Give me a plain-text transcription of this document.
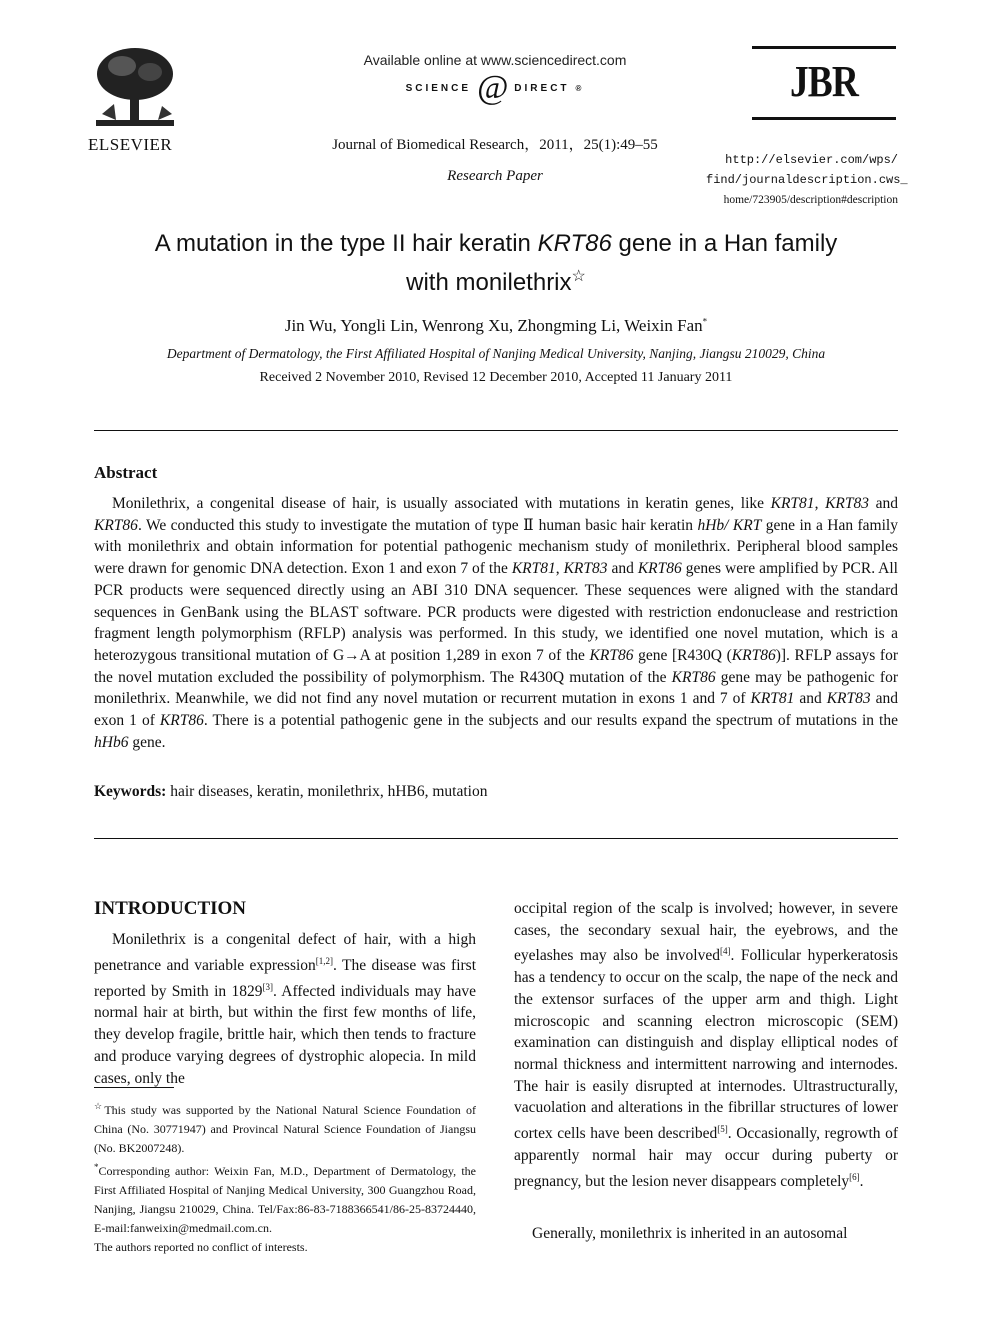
ELSEVIER
Available online at www.sciencedirect.com
SCIENCE @ DIRECT ®
Journal of Biomedical Research，2011，25(1):49–55
Research Paper
JBR
http://elsevier.com/wps/
find/journaldescription.cws_
home/723905/description#description
A mutation in the type II hair keratin KRT86 gene in a Han family
with monilethrix☆
Jin Wu, Yongli Lin, Wenrong Xu, Zhongming Li, Weixin Fan*
Department of Dermatology, the First Affiliated Hospital of Nanjing Medical University, Nanjing, Jiangsu 210029, China
Received 2 November 2010, Revised 12 December 2010, Accepted 11 January 2011
Abstract
Monilethrix, a congenital disease of hair, is usually associated with mutations in keratin genes, like KRT81, KRT83 and KRT86. We conducted this study to investigate the mutation of type Ⅱ human basic hair keratin hHb/ KRT gene in a Han family with monilethrix and obtain information for potential pathogenic mechanism study of monilethrix. Peripheral blood samples were drawn for genomic DNA detection. Exon 1 and exon 7 of the KRT81, KRT83 and KRT86 genes were amplified by PCR. All PCR products were sequenced directly using an ABI 310 DNA sequencer. These sequences were aligned with the standard sequences in GenBank using the BLAST software. PCR products were digested with restriction endonuclease and restriction fragment length polymorphism (RFLP) analysis was performed. In this study, we identified one novel mutation, which is a heterozygous transitional mutation of G→A at position 1,289 in exon 7 of the KRT86 gene [R430Q (KRT86)]. RFLP assays for the novel mutation excluded the possibility of polymorphism. The R430Q mutation of the KRT86 gene may be pathogenic for monilethrix. Meanwhile, we did not find any novel mutation or recurrent mutation in exons 1 and 7 of KRT81 and KRT83 and exon 1 of KRT86. There is a potential pathogenic gene in the subjects and our results expand the spectrum of mutations in the hHb6 gene.
Keywords: hair diseases, keratin, monilethrix, hHB6, mutation
INTRODUCTION
Monilethrix is a congenital defect of hair, with a high penetrance and variable expression[1,2]. The disease was first reported by Smith in 1829[3]. Affected individuals may have normal hair at birth, but within the first few months of life, they develop fragile, brittle hair, which then tends to fracture and produce varying degrees of dystrophic alopecia. In mild cases, only the
occipital region of the scalp is involved; however, in severe cases, the secondary sexual hair, the eyebrows, and the eyelashes may also be involved[4]. Follicular hyperkeratosis has a tendency to occur on the scalp, the nape of the neck and the extensor surfaces of the upper arm and thigh. Light microscopic and scanning electron microscopic (SEM) examination can distinguish and display elliptical nodes of normal thickness and intermittent narrowing and internodes. The hair is easily disrupted at internodes. Ultrastructurally, vacuolation and alterations in the fibrillar structures of lower cortex cells have been described[5]. Occasionally, regrowth of apparently normal hair may occur during puberty or pregnancy, but the lesion never disappears completely[6].
Generally, monilethrix is inherited in an autosomal
☆This study was supported by the National Natural Science Foundation of China (No. 30771947) and Provincal Natural Science Foundation of Jiangsu (No. BK2007248).
*Corresponding author: Weixin Fan, M.D., Department of Dermatology, the First Affiliated Hospital of Nanjing Medical University, 300 Guangzhou Road, Nanjing, Jiangsu 210029, China. Tel/Fax:86-83-7188366541/86-25-83724440, E-mail:fanweixin@medmail.com.cn.
The authors reported no conflict of interests.
